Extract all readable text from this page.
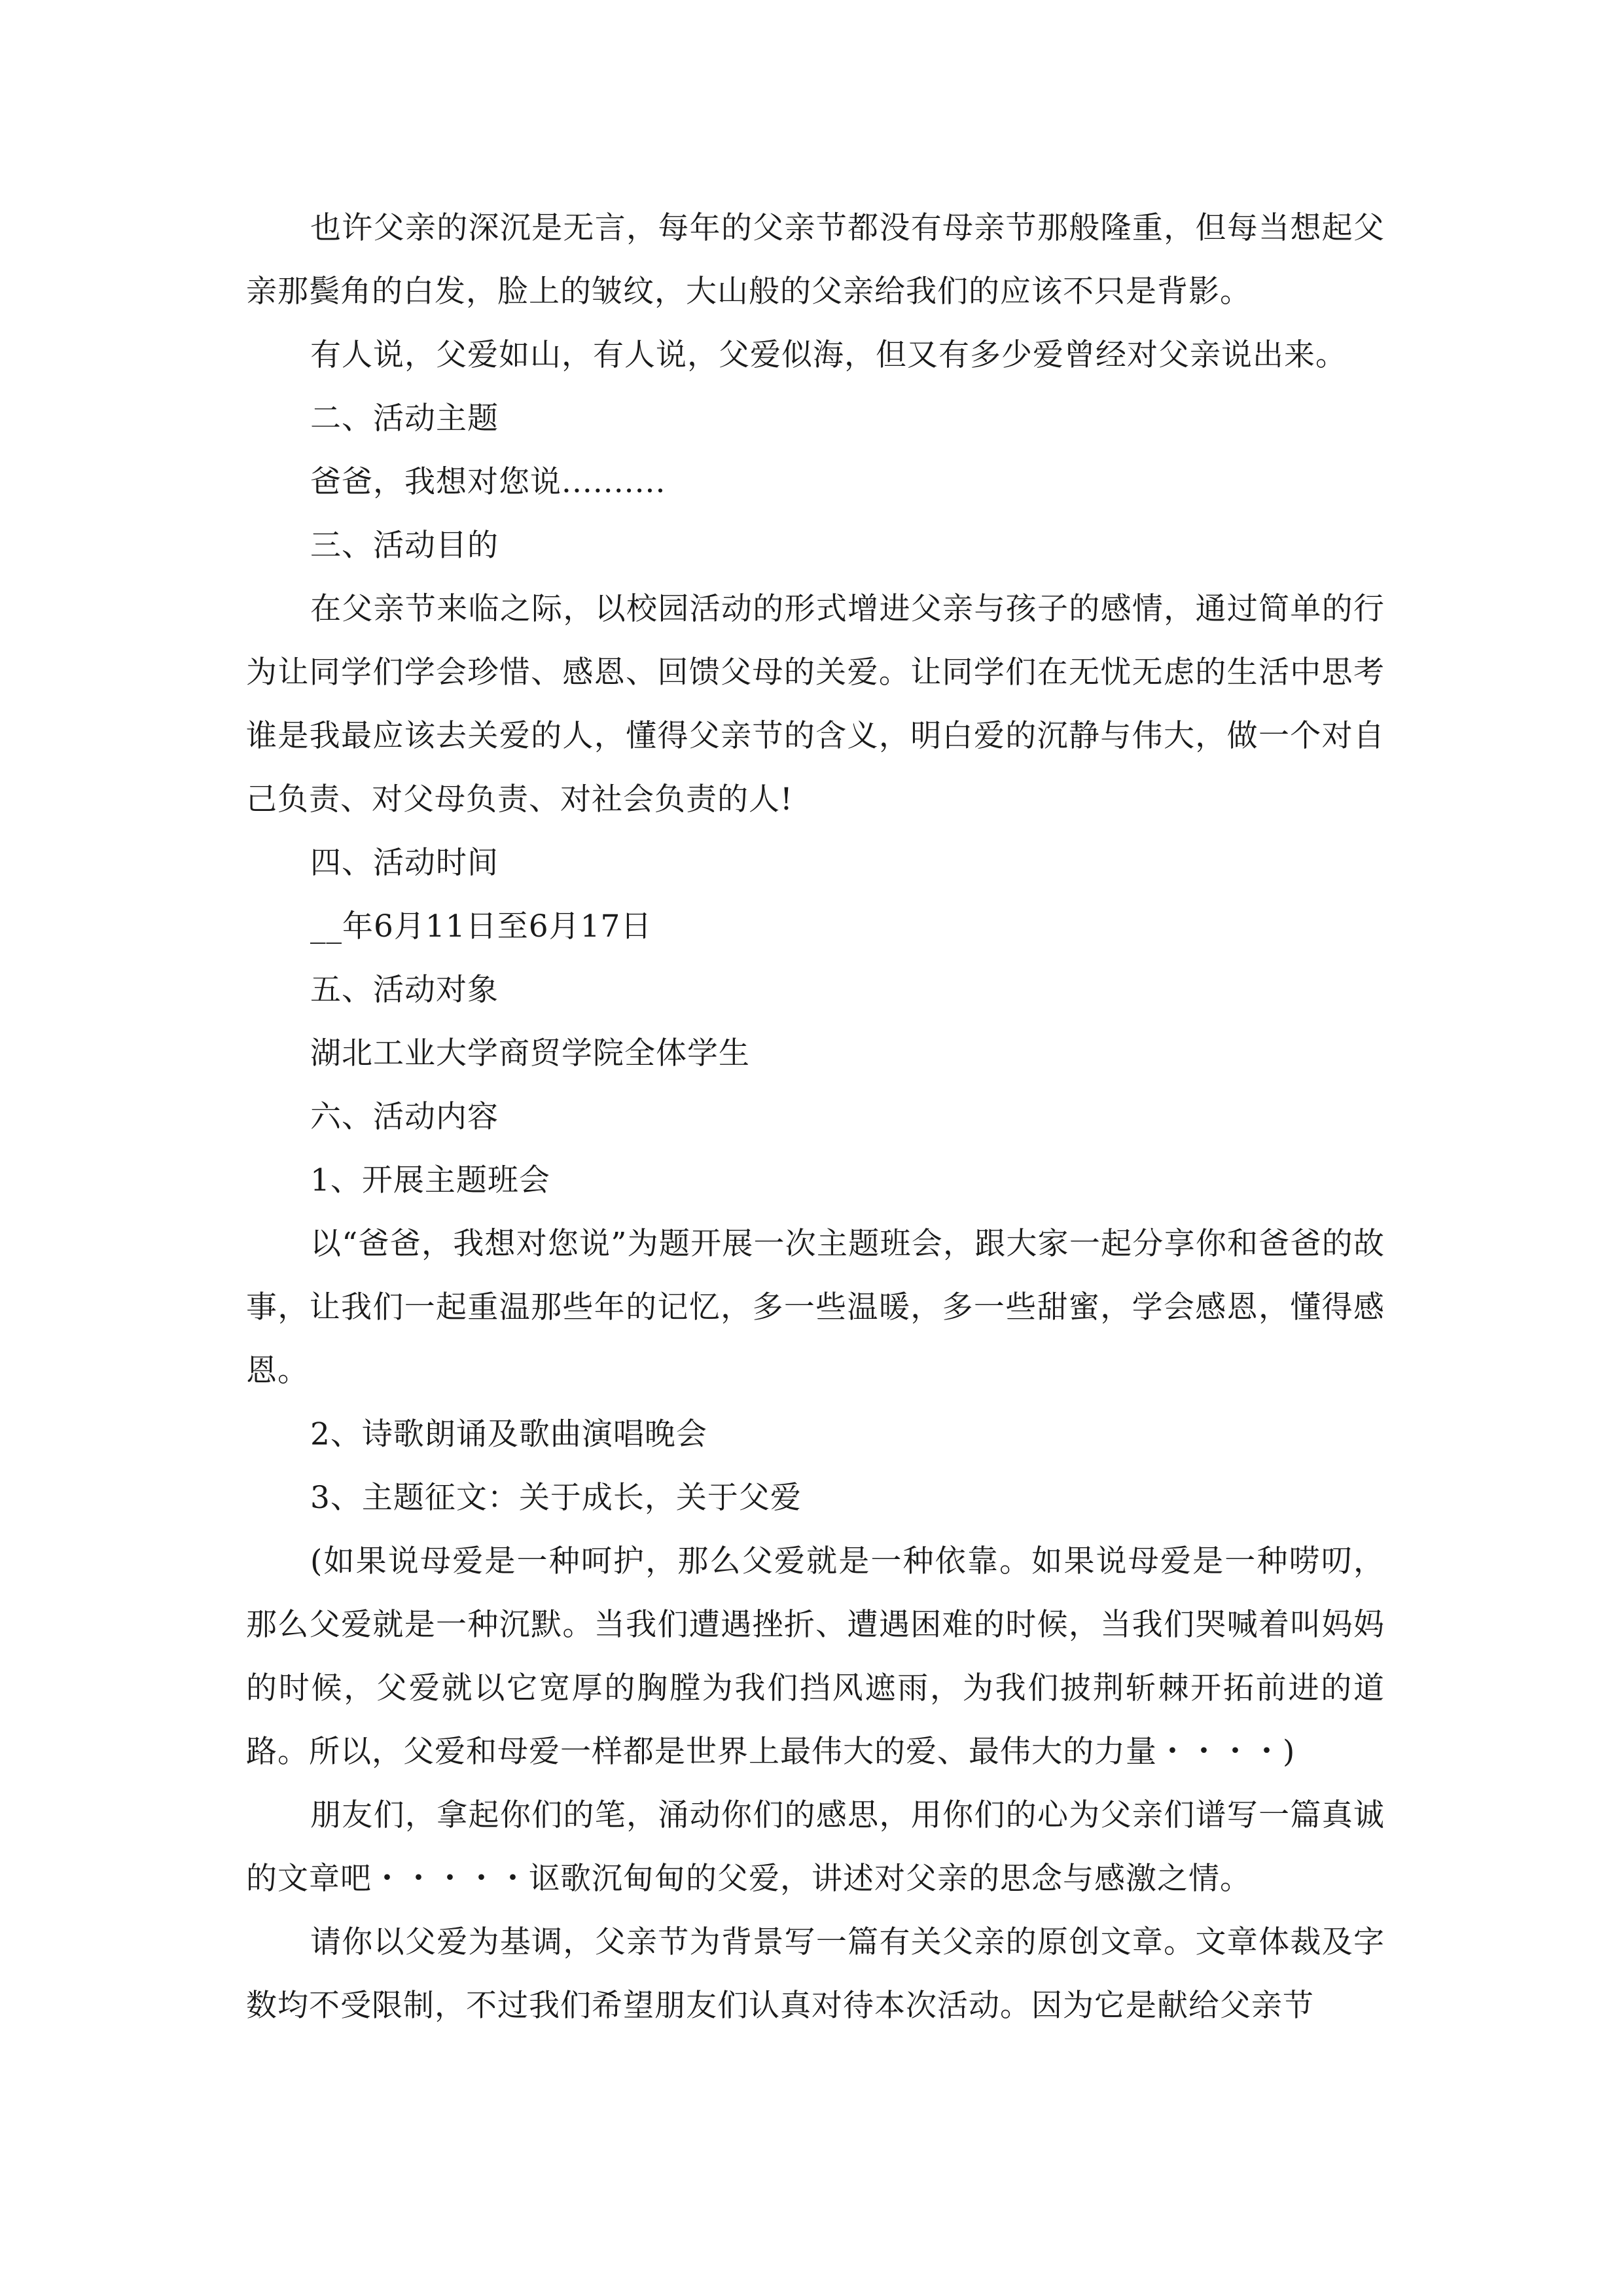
也许父亲的深沉是无言，每年的父亲节都没有母亲节那般隆重，但每当想起父亲那鬓角的白发，脸上的皱纹，大山般的父亲给我们的应该不只是背影。

有人说，父爱如山，有人说，父爱似海，但又有多少爱曾经对父亲说出来。

二、活动主题

爸爸，我想对您说..........

三、活动目的

在父亲节来临之际，以校园活动的形式增进父亲与孩子的感情，通过简单的行为让同学们学会珍惜、感恩、回馈父母的关爱。让同学们在无忧无虑的生活中思考谁是我最应该去关爱的人，懂得父亲节的含义，明白爱的沉静与伟大，做一个对自己负责、对父母负责、对社会负责的人!

四、活动时间

__年6月11日至6月17日

五、活动对象

湖北工业大学商贸学院全体学生

六、活动内容

1、开展主题班会

以“爸爸，我想对您说”为题开展一次主题班会，跟大家一起分享你和爸爸的故事，让我们一起重温那些年的记忆，多一些温暖，多一些甜蜜，学会感恩，懂得感恩。

2、诗歌朗诵及歌曲演唱晚会

3、主题征文：关于成长，关于父爱

(如果说母爱是一种呵护，那么父爱就是一种依靠。如果说母爱是一种唠叨，那么父爱就是一种沉默。当我们遭遇挫折、遭遇困难的时候，当我们哭喊着叫妈妈的时候，父爱就以它宽厚的胸膛为我们挡风遮雨，为我们披荆斩棘开拓前进的道路。所以，父爱和母爱一样都是世界上最伟大的爱、最伟大的力量・・・・)

朋友们，拿起你们的笔，涌动你们的感思，用你们的心为父亲们谱写一篇真诚的文章吧・・・・・讴歌沉甸甸的父爱，讲述对父亲的思念与感激之情。

请你以父爱为基调，父亲节为背景写一篇有关父亲的原创文章。文章体裁及字数均不受限制，不过我们希望朋友们认真对待本次活动。因为它是献给父亲节
